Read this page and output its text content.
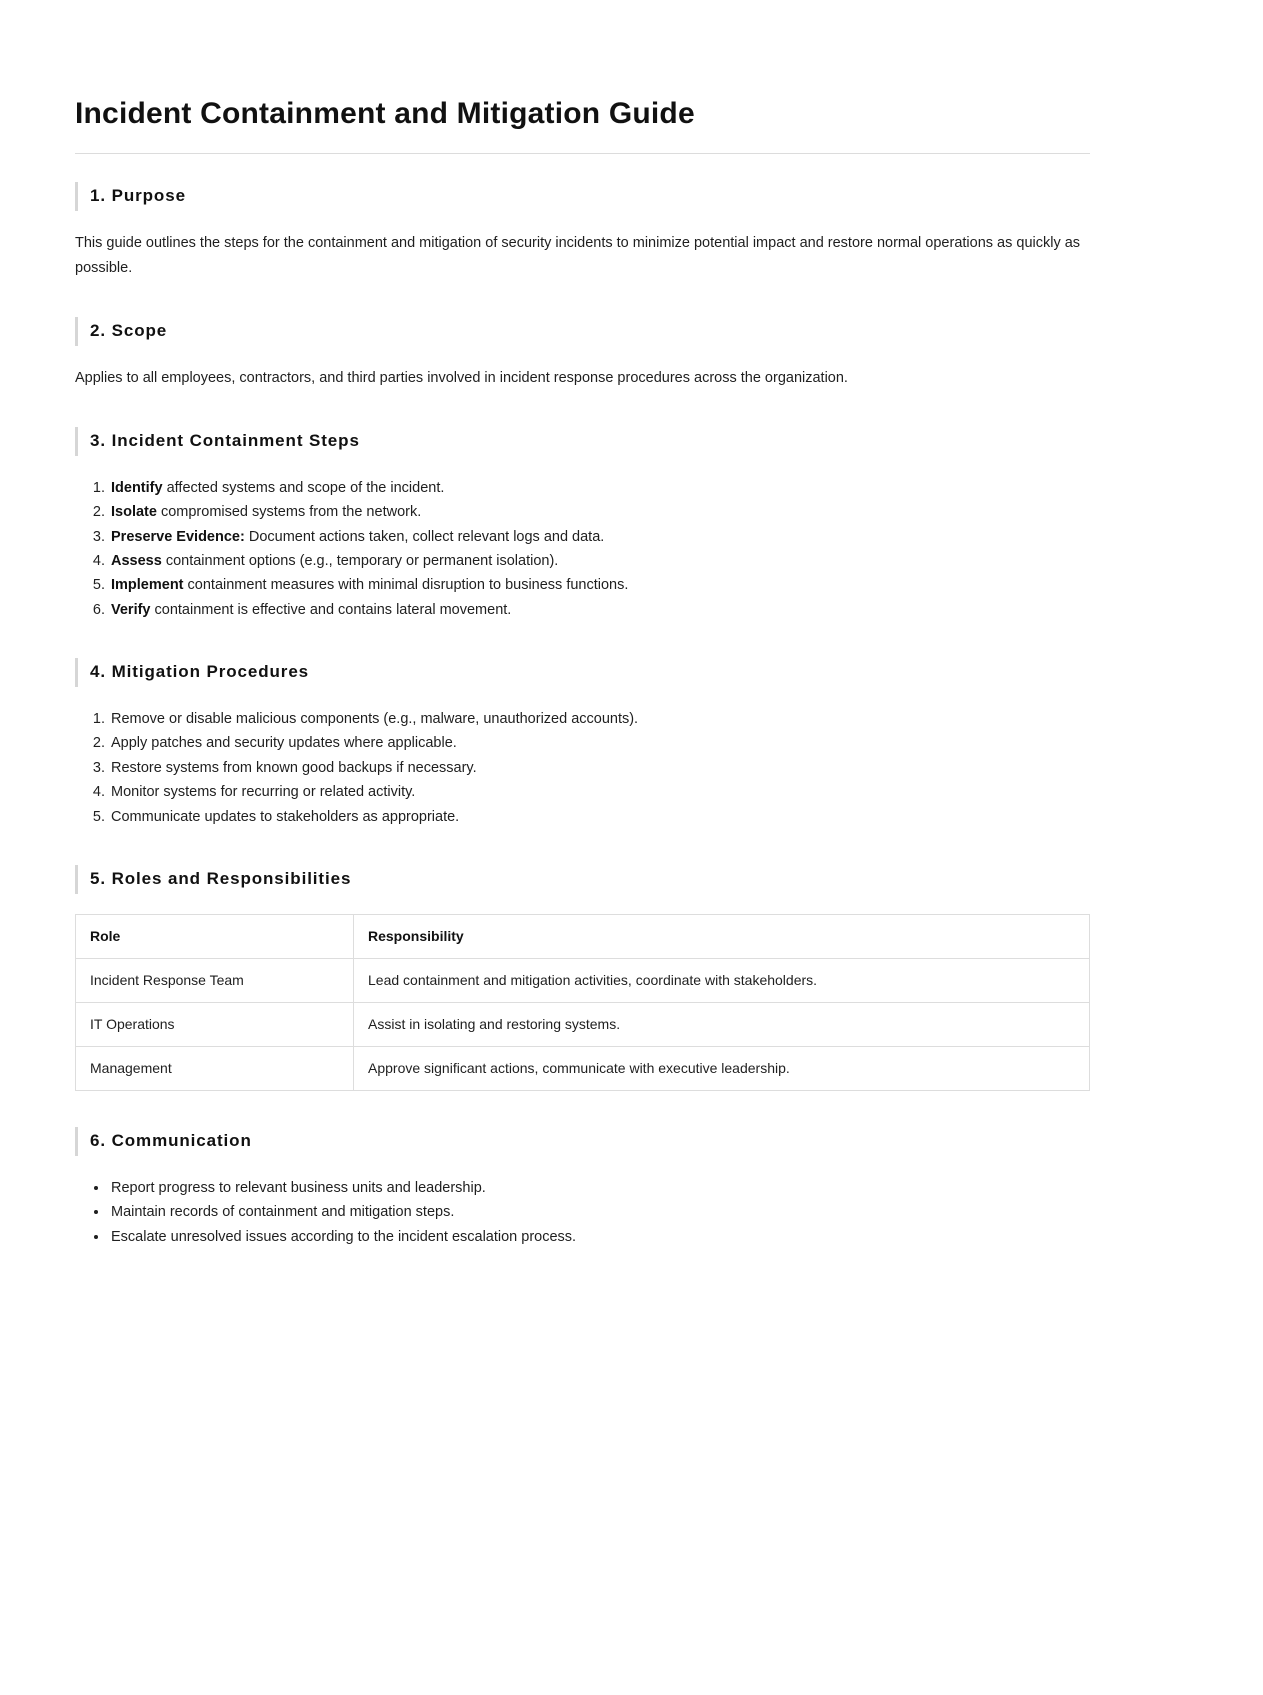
Incident Containment and Mitigation Guide
1. Purpose

This guide outlines the steps for the containment and mitigation of security incidents to minimize potential impact and restore normal operations as quickly as possible.

2. Scope

Applies to all employees, contractors, and third parties involved in incident response procedures across the organization.

3. Incident Containment Steps
1. Identify affected systems and scope of the incident.
2. Isolate compromised systems from the network.
3. Preserve Evidence: Document actions taken, collect relevant logs and data.
4. Assess containment options (e.g., temporary or permanent isolation).
5. Implement containment measures with minimal disruption to business functions.
6. Verify containment is effective and contains lateral movement.
4. Mitigation Procedures
1. Remove or disable malicious components (e.g., malware, unauthorized accounts).
2. Apply patches and security updates where applicable.
3. Restore systems from known good backups if necessary.
4. Monitor systems for recurring or related activity.
5. Communicate updates to stakeholders as appropriate.
5. Roles and Responsibilities
Role	Responsibility
Incident Response Team	Lead containment and mitigation activities, coordinate with stakeholders.
IT Operations	Assist in isolating and restoring systems.
Management	Approve significant actions, communicate with executive leadership.
6. Communication
• Report progress to relevant business units and leadership.
• Maintain records of containment and mitigation steps.
• Escalate unresolved issues according to the incident escalation process.
